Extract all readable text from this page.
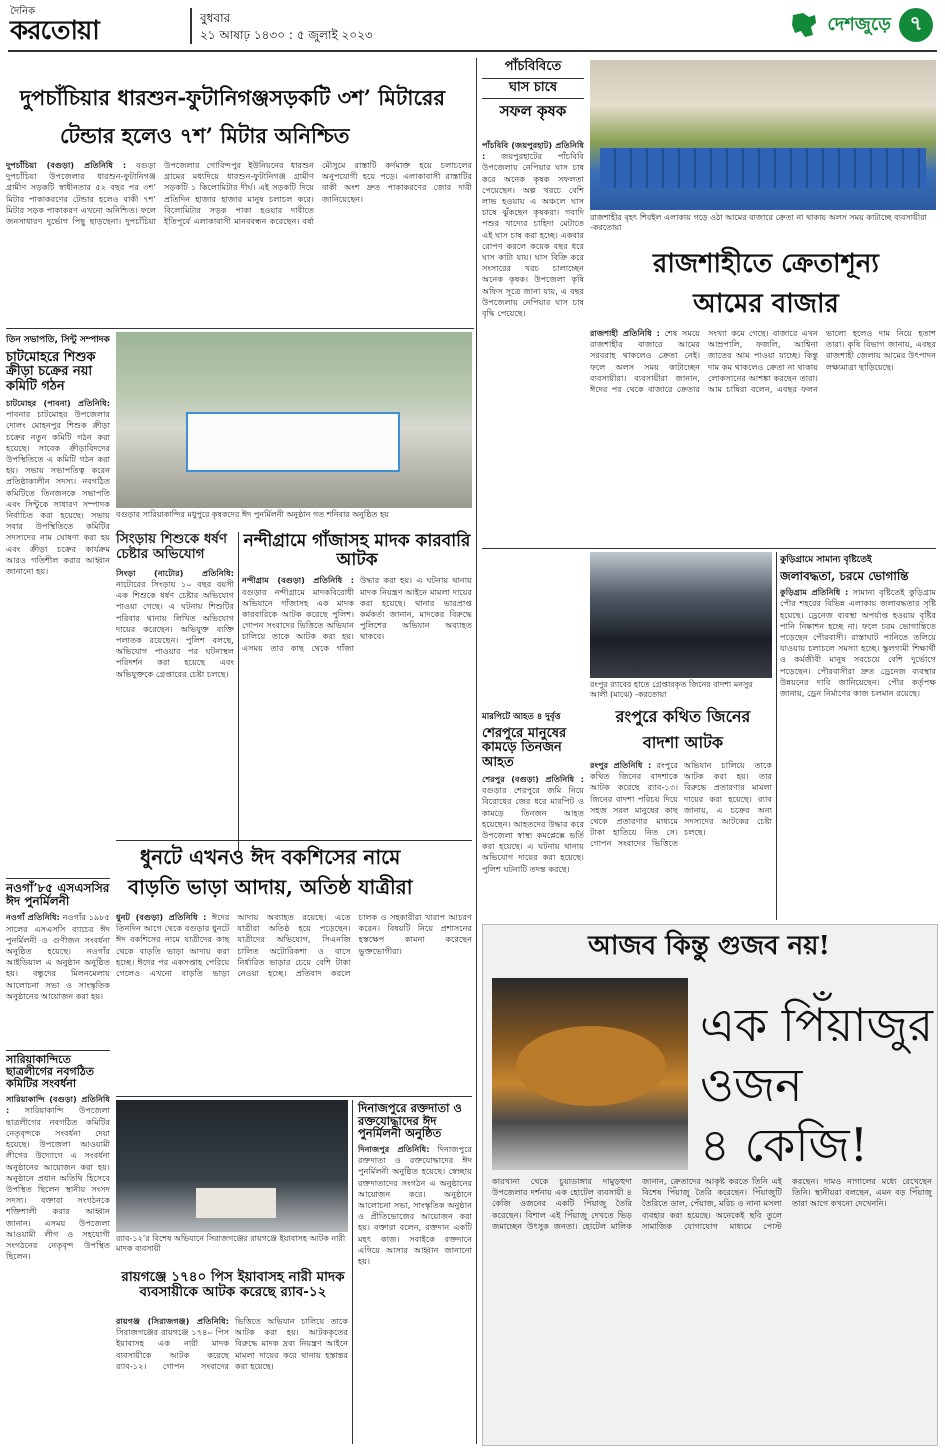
দৈনিক
করতোয়া	বুধবার
২১ আষাঢ় ১৪৩০ : ৫ জুলাই ২০২৩
দেশজুড়ে ৭
দুপচাঁচিয়ার ধারশুন-ফুটানিগঞ্জসড়কটি ৩শ’ মিটারের
টেন্ডার হলেও ৭শ’ মিটার অনিশ্চিত
দুপচাঁচিয়া (বগুড়া) প্রতিনিধি : বগুড়া দুপচাঁচিয়া উপজেলার ধারশুন-ফুটানিগঞ্জ গ্রামীণ সড়কটি স্বাধীনতার ৫২ বছর পর ৩শ’ মিটার পাকাকরণের টেন্ডার হলেও বাকী ৭শ’ মিটার সড়ক পাকাকরণ এখনো অনিশ্চিত। ফলে জনসাধারণ দুর্ভোগ পিছু ছাড়ছেনা। দুপচাঁচিয়া উপজেলার গোবিন্দপুর ইউনিয়নের ধারশুন গ্রামের মধ্যদিয়ে ধারশুন-ফুটানিগঞ্জ গ্রামীণ সড়কটি ১ কিলোমিটার দীর্ঘ। এই সড়কটি দিয়ে প্রতিদিন হাজার হাজার মানুষ চলাচল করে। বিলোমিটার সড়ক পাকা হওয়ার দাবীতে ইতিপূর্বে এলাকাবাসী মানববন্ধন করেছেন। বর্ষা মৌসুমে রাস্তাটি কর্দমাক্ত হয়ে চলাচলের অনুপযোগী হয়ে পড়ে। এলাকাবাসী রাস্তাটির বাকী অংশ দ্রুত পাকাকরণের জোর দাবী জানিয়েছেন।
তিন সভাপতি, সিন্টু সম্পাদক
চাটমোহরে শিশুক ক্রীড়া চক্রের নয়া কমিটি গঠন
চাটমোহর (পাবনা) প্রতিনিধি: পাবনার চাটমোহর উপজেলার দোলং মোহনপুর শিশুক ক্রীড়া চক্রের নতুন কমিটি গঠন করা হয়েছে। সাবেক ক্রীড়াবিদদের উপস্থিতিতে এ কমিটি গঠন করা হয়। সভায় সভাপতিত্ব করেন প্রতিষ্ঠাকালীন সদস্য। নবগঠিত কমিটিতে তিনজনকে সভাপতি এবং সিন্টুকে সাধারণ সম্পাদক নির্বাচিত করা হয়েছে। সভায় সবার উপস্থিতিতে কমিটির সদস্যদের নাম ঘোষণা করা হয় এবং ক্রীড়া চক্রের কার্যক্রম আরও গতিশীল করার আহ্বান জানানো হয়।
বগুড়ার সারিয়াকান্দির মধুপুরে কৃষকদের ঈদ পুনর্মিলনী অনুষ্ঠান গত শনিবার অনুষ্ঠিত হয়
সিংড়ায় শিশুকে ধর্ষণ চেষ্টার অভিযোগ
সিংড়া (নাটোর) প্রতিনিধি: নাটোরের সিংড়ায় ১০ বছর বয়সী এক শিশুকে ধর্ষণ চেষ্টার অভিযোগ পাওয়া গেছে। এ ঘটনায় শিশুটির পরিবার থানায় লিখিত অভিযোগ দায়ের করেছেন। অভিযুক্ত ব্যক্তি পলাতক রয়েছেন। পুলিশ বলছে, অভিযোগ পাওয়ার পর ঘটনাস্থল পরিদর্শন করা হয়েছে এবং অভিযুক্তকে গ্রেপ্তারের চেষ্টা চলছে।
নন্দীগ্রামে গাঁজাসহ মাদক কারবারি আটক
নন্দীগ্রাম (বগুড়া) প্রতিনিধি : বগুড়ার নন্দীগ্রামে মাদকবিরোধী অভিযানে গাঁজাসহ এক মাদক কারবারিকে আটক করেছে পুলিশ। গোপন সংবাদের ভিত্তিতে অভিযান চালিয়ে তাকে আটক করা হয়। এসময় তার কাছ থেকে গাঁজা উদ্ধার করা হয়। এ ঘটনায় থানায় মাদক নিয়ন্ত্রণ আইনে মামলা দায়ের করা হয়েছে। থানার ভারপ্রাপ্ত কর্মকর্তা জানান, মাদকের বিরুদ্ধে পুলিশের অভিযান অব্যাহত থাকবে।
ধুনটে এখনও ঈদ বকশিসের নামে
বাড়তি ভাড়া আদায়, অতিষ্ঠ যাত্রীরা
ধুনট (বগুড়া) প্রতিনিধি : ঈদের তিনদিন আগে থেকে বগুড়ার ধুনটে ঈদ বকশিসের নামে যাত্রীদের কাছ থেকে বাড়তি ভাড়া আদায় করা হচ্ছে। ঈদের পর একসপ্তাহ পেরিয়ে গেলেও এখনো বাড়তি ভাড়া আদায় অব্যাহত রয়েছে। এতে যাত্রীরা অতিষ্ঠ হয়ে পড়েছেন। যাত্রীদের অভিযোগ, সিএনজি চালিত অটোরিকশা ও বাসে নির্ধারিত ভাড়ার চেয়ে বেশি টাকা নেওয়া হচ্ছে। প্রতিবাদ করলে চালক ও সহকারীরা খারাপ আচরণ করেন। বিষয়টি নিয়ে প্রশাসনের হস্তক্ষেপ কামনা করেছেন ভুক্তভোগীরা।
নওগাঁ’৮৫ এসএসসির ঈদ পুনর্মিলনী
নওগাঁ প্রতিনিধি: নওগাঁর ১৯৮৫ সালের এসএসসি ব্যাচের ঈদ পুনর্মিলনী ও গুণীজন সংবর্ধনা অনুষ্ঠিত হয়েছে। নওগাঁর আইডিয়াল এ অনুষ্ঠান অনুষ্ঠিত হয়। বন্ধুদের মিলনমেলায় আলোচনা সভা ও সাংস্কৃতিক অনুষ্ঠানের আয়োজন করা হয়।
সারিয়াকান্দিতে ছাত্রলীগের নবগঠিত কমিটির সংবর্ধনা
সারিয়াকান্দি (বগুড়া) প্রতিনিধি : সারিয়াকান্দি উপজেলা ছাত্রলীগের নবগঠিত কমিটির নেতৃবৃন্দকে সংবর্ধনা দেয়া হয়েছে। উপজেলা আওয়ামী লীগের উদ্যোগে এ সংবর্ধনা অনুষ্ঠানের আয়োজন করা হয়। অনুষ্ঠানে প্রধান অতিথি হিসেবে উপস্থিত ছিলেন স্থানীয় সংসদ সদস্য। বক্তারা সংগঠনকে শক্তিশালী করার আহ্বান জানান। এসময় উপজেলা আওয়ামী লীগ ও সহযোগী সংগঠনের নেতৃবৃন্দ উপস্থিত ছিলেন।
র‌্যাব-১২’র বিশেষ অভিযানে সিরাজগঞ্জের রায়গঞ্জে ইয়াবাসহ আটক নারী মাদক ব্যবসায়ী
রায়গঞ্জে ১৭৪০ পিস ইয়াবাসহ নারী মাদক ব্যবসায়ীকে আটক করেছে র‌্যাব-১২
রায়গঞ্জ (সিরাজগঞ্জ) প্রতিনিধি: সিরাজগঞ্জের রায়গঞ্জে ১৭৪০ পিস ইয়াবাসহ এক নারী মাদক ব্যবসায়ীকে আটক করেছে র‌্যাব-১২। গোপন সংবাদের ভিত্তিতে অভিযান চালিয়ে তাকে আটক করা হয়। আটককৃতের বিরুদ্ধে মাদক দ্রব্য নিয়ন্ত্রণ আইনে মামলা দায়ের করে থানায় হস্তান্তর করা হয়েছে।
দিনাজপুরে রক্তদাতা ও রক্তযোদ্ধাদের ঈদ পুনর্মিলনী অনুষ্ঠিত
দিনাজপুর প্রতিনিধি: দিনাজপুরে রক্তদাতা ও রক্তযোদ্ধাদের ঈদ পুনর্মিলনী অনুষ্ঠিত হয়েছে। স্বেচ্ছায় রক্তদাতাদের সংগঠন এ অনুষ্ঠানের আয়োজন করে। অনুষ্ঠানে আলোচনা সভা, সাংস্কৃতিক অনুষ্ঠান ও প্রীতিভোজের আয়োজন করা হয়। বক্তারা বলেন, রক্তদান একটি মহৎ কাজ। সবাইকে রক্তদানে এগিয়ে আসার আহ্বান জানানো হয়।
পাঁচবিবিতে
ঘাস চাষে
সফল কৃষক
পাঁচবিবি (জয়পুরহাট) প্রতিনিধি : জয়পুরহাটের পাঁচবিবি উপজেলায় নেপিয়ার ঘাস চাষ করে অনেক কৃষক সফলতা পেয়েছেন। অল্প খরচে বেশি লাভ হওয়ায় এ অঞ্চলে ঘাস চাষে ঝুঁকছেন কৃষকরা। গবাদি পশুর খাদ্যের চাহিদা মেটাতে এই ঘাস চাষ করা হচ্ছে। একবার রোপণ করলে কয়েক বছর ধরে ঘাস কাটা যায়। ঘাস বিক্রি করে সংসারের খরচ চালাচ্ছেন অনেক কৃষক। উপজেলা কৃষি অফিস সূত্রে জানা যায়, এ বছর উপজেলায় নেপিয়ার ঘাস চাষ বৃদ্ধি পেয়েছে।
রাজশাহীর বৃহৎ শিরইল এলাকায় গড়ে ওঠা আমের বাজারে ক্রেতা না থাকায় অলস সময় কাটাচ্ছে ব্যবসায়ীরা -করতোয়া
রাজশাহীতে ক্রেতাশূন্য
আমের বাজার
রাজশাহী প্রতিনিধি : শেষ সময়ে রাজশাহীর বাজারে আমের সরবরাহ থাকলেও ক্রেতা নেই। ফলে অলস সময় কাটাচ্ছেন ব্যবসায়ীরা। ব্যবসায়ীরা জানান, ঈদের পর থেকে বাজারে ক্রেতার সংখ্যা কমে গেছে। বাজারে এখন আম্রপালি, ফজলি, আশ্বিনা জাতের আম পাওয়া যাচ্ছে। কিন্তু দাম কম থাকলেও ক্রেতা না থাকায় লোকসানের আশঙ্কা করছেন তারা। আম চাষিরা বলেন, এবছর ফলন ভালো হলেও দাম নিয়ে হতাশ তারা। কৃষি বিভাগ জানায়, এবছর রাজশাহী জেলায় আমের উৎপাদন লক্ষ্যমাত্রা ছাড়িয়েছে।
মারপিটে আহত ৪ দুর্বৃত্ত
শেরপুরে মানুষের কামড়ে তিনজন আহত
শেরপুর (বগুড়া) প্রতিনিধি : বগুড়ার শেরপুরে জমি নিয়ে বিরোধের জের ধরে মারপিট ও কামড়ে তিনজন আহত হয়েছেন। আহতদের উদ্ধার করে উপজেলা স্বাস্থ্য কমপ্লেক্সে ভর্তি করা হয়েছে। এ ঘটনায় থানায় অভিযোগ দায়ের করা হয়েছে। পুলিশ ঘটনাটি তদন্ত করছে।
রংপুর র‌্যাবের হাতে গ্রেপ্তারকৃত জিনের বাদশা মনসুর আলী (মাঝে) -করতোয়া
রংপুরে কথিত জিনের
বাদশা আটক
রংপুর প্রতিনিধি : রংপুরে কথিত জিনের বাদশাকে আটক করেছে র‌্যাব-১৩। জিনের বাদশা পরিচয় দিয়ে সহজ সরল মানুষের কাছ থেকে প্রতারণার মাধ্যমে টাকা হাতিয়ে নিত সে। গোপন সংবাদের ভিত্তিতে অভিযান চালিয়ে তাকে আটক করা হয়। তার বিরুদ্ধে প্রতারণার মামলা দায়ের করা হয়েছে। র‌্যাব জানায়, এ চক্রের অন্য সদস্যদের আটকের চেষ্টা চলছে।
কুড়িগ্রামে সামান্য বৃষ্টিতেই
জলাবদ্ধতা, চরমে ভোগান্তি
কুড়িগ্রাম প্রতিনিধি : সামান্য বৃষ্টিতেই কুড়িগ্রাম পৌর শহরের বিভিন্ন এলাকায় জলাবদ্ধতার সৃষ্টি হয়েছে। ড্রেনেজ ব্যবস্থা অপর্যাপ্ত হওয়ায় বৃষ্টির পানি নিষ্কাশন হচ্ছে না। ফলে চরম ভোগান্তিতে পড়েছেন পৌরবাসী। রাস্তাঘাট পানিতে তলিয়ে যাওয়ায় চলাচলে সমস্যা হচ্ছে। স্কুলগামী শিক্ষার্থী ও কর্মজীবী মানুষ সবচেয়ে বেশি দুর্ভোগে পড়েছেন। পৌরবাসীরা দ্রুত ড্রেনেজ ব্যবস্থার উন্নয়নের দাবি জানিয়েছেন। পৌর কর্তৃপক্ষ জানায়, ড্রেন নির্মাণের কাজ চলমান রয়েছে।
আজব কিন্তু গুজব নয়!
এক পিঁয়াজুর
ওজন
৪ কেজি!
কারখানা থেকে চুয়াডাঙ্গার দামুড়হুদা উপজেলার দর্শনায় এক হোটেল ব্যবসায়ী ৪ কেজি ওজনের একটি পিঁয়াজু তৈরি করেছেন। বিশাল এই পিঁয়াজু দেখতে ভিড় জমাচ্ছেন উৎসুক জনতা। হোটেল মালিক জানান, ক্রেতাদের আকৃষ্ট করতে তিনি এই বিশেষ পিঁয়াজু তৈরি করেছেন। পিঁয়াজুটি তৈরিতে ডাল, পেঁয়াজ, মরিচ ও নানা মসলা ব্যবহার করা হয়েছে। অনেকেই ছবি তুলে সামাজিক যোগাযোগ মাধ্যমে পোস্ট করছেন। দামও নাগালের মধ্যে রেখেছেন তিনি। স্থানীয়রা বলছেন, এমন বড় পিঁয়াজু তারা আগে কখনো দেখেননি।
